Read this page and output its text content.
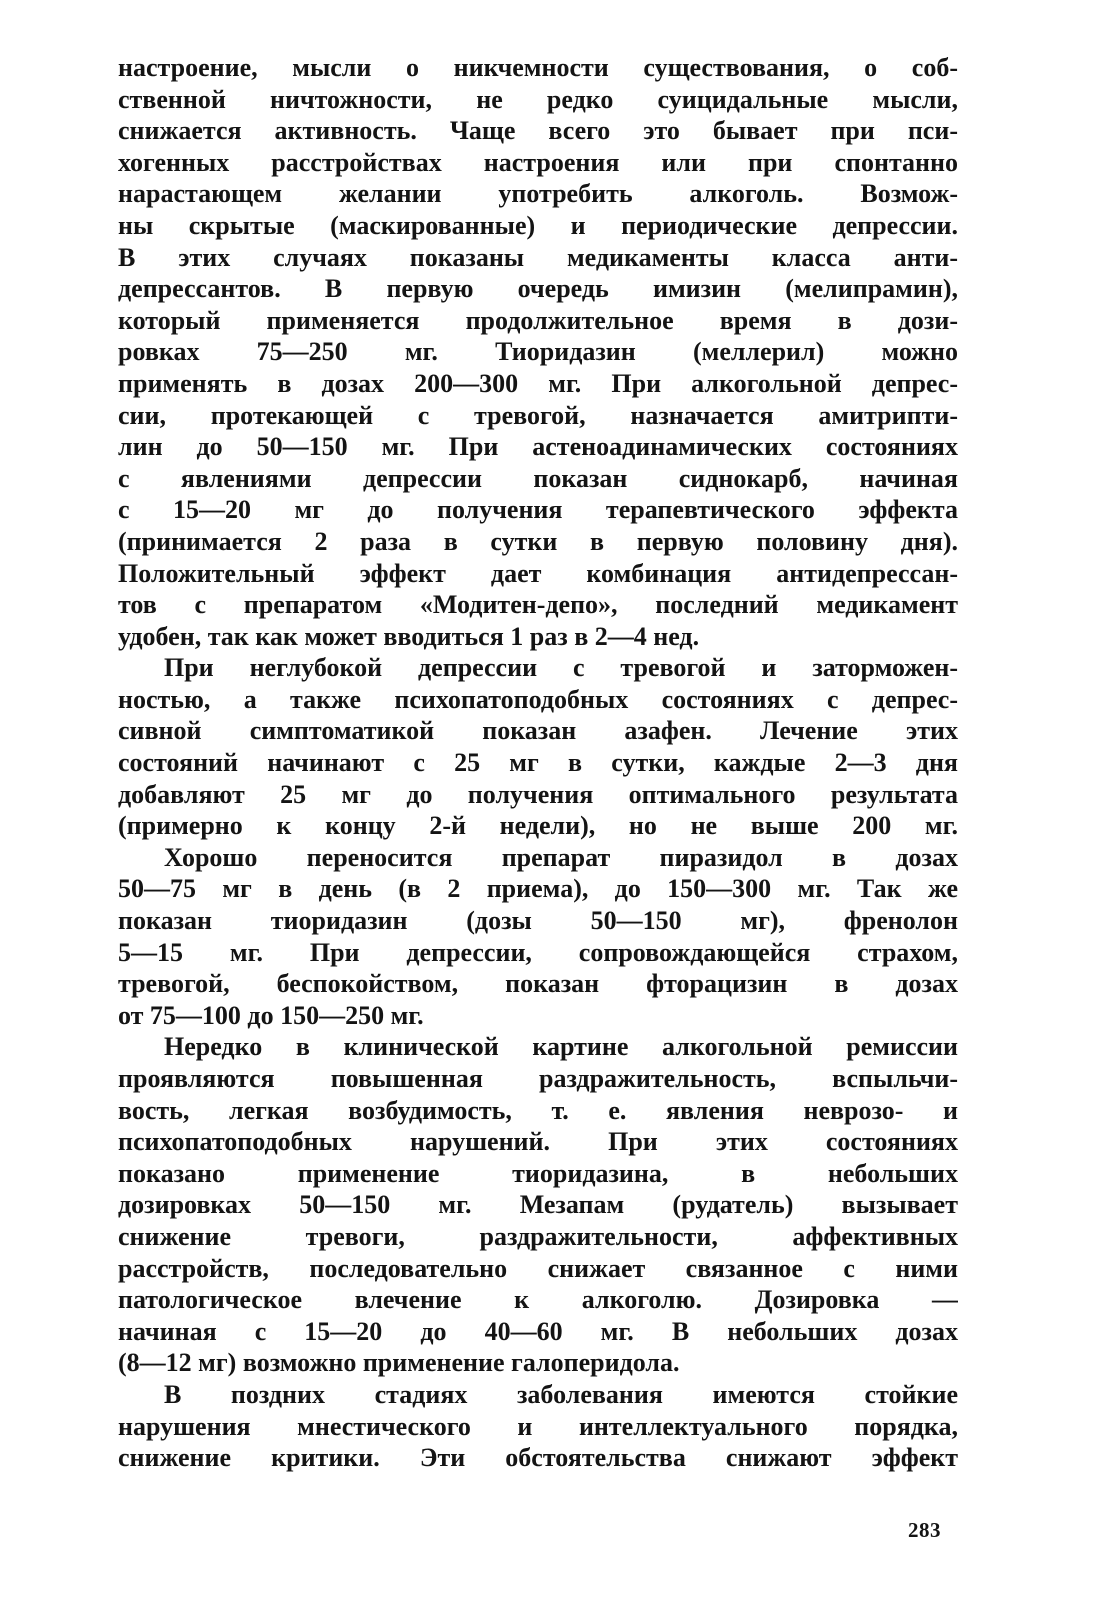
настроение, мысли о никчемности существования, о соб-
ственной ничтожности, не редко суицидальные мысли,
снижается активность. Чаще всего это бывает при пси-
хогенных расстройствах настроения или при спонтанно
нарастающем желании употребить алкоголь. Возмож-
ны скрытые (маскированные) и периодические депрессии.
В этих случаях показаны медикаменты класса анти-
депрессантов. В первую очередь имизин (мелипрамин),
который применяется продолжительное время в дози-
ровках 75—250 мг. Тиоридазин (меллерил) можно
применять в дозах 200—300 мг. При алкогольной депрес-
сии, протекающей с тревогой, назначается амитрипти-
лин до 50—150 мг. При астеноадинамических состояниях
с явлениями депрессии показан сиднокарб, начиная
с 15—20 мг до получения терапевтического эффекта
(принимается 2 раза в сутки в первую половину дня).
Положительный эффект дает комбинация антидепрессан-
тов с препаратом «Модитен-депо», последний медикамент
удобен, так как может вводиться 1 раз в 2—4 нед.
При неглубокой депрессии с тревогой и заторможен-
ностью, а также психопатоподобных состояниях с депрес-
сивной симптоматикой показан азафен. Лечение этих
состояний начинают с 25 мг в сутки, каждые 2—3 дня
добавляют 25 мг до получения оптимального результата
(примерно к концу 2-й недели), но не выше 200 мг.
Хорошо переносится препарат пиразидол в дозах
50—75 мг в день (в 2 приема), до 150—300 мг. Так же
показан тиоридазин (дозы 50—150 мг), френолон
5—15 мг. При депрессии, сопровождающейся страхом,
тревогой, беспокойством, показан фторацизин в дозах
от 75—100 до 150—250 мг.
Нередко в клинической картине алкогольной ремиссии
проявляются повышенная раздражительность, вспыльчи-
вость, легкая возбудимость, т. е. явления неврозо- и
психопатоподобных нарушений. При этих состояниях
показано применение тиоридазина, в небольших
дозировках 50—150 мг. Мезапам (рудатель) вызывает
снижение тревоги, раздражительности, аффективных
расстройств, последовательно снижает связанное с ними
патологическое влечение к алкоголю. Дозировка —
начиная с 15—20 до 40—60 мг. В небольших дозах
(8—12 мг) возможно применение галоперидола.
В поздних стадиях заболевания имеются стойкие
нарушения мнестического и интеллектуального порядка,
снижение критики. Эти обстоятельства снижают эффект
283
